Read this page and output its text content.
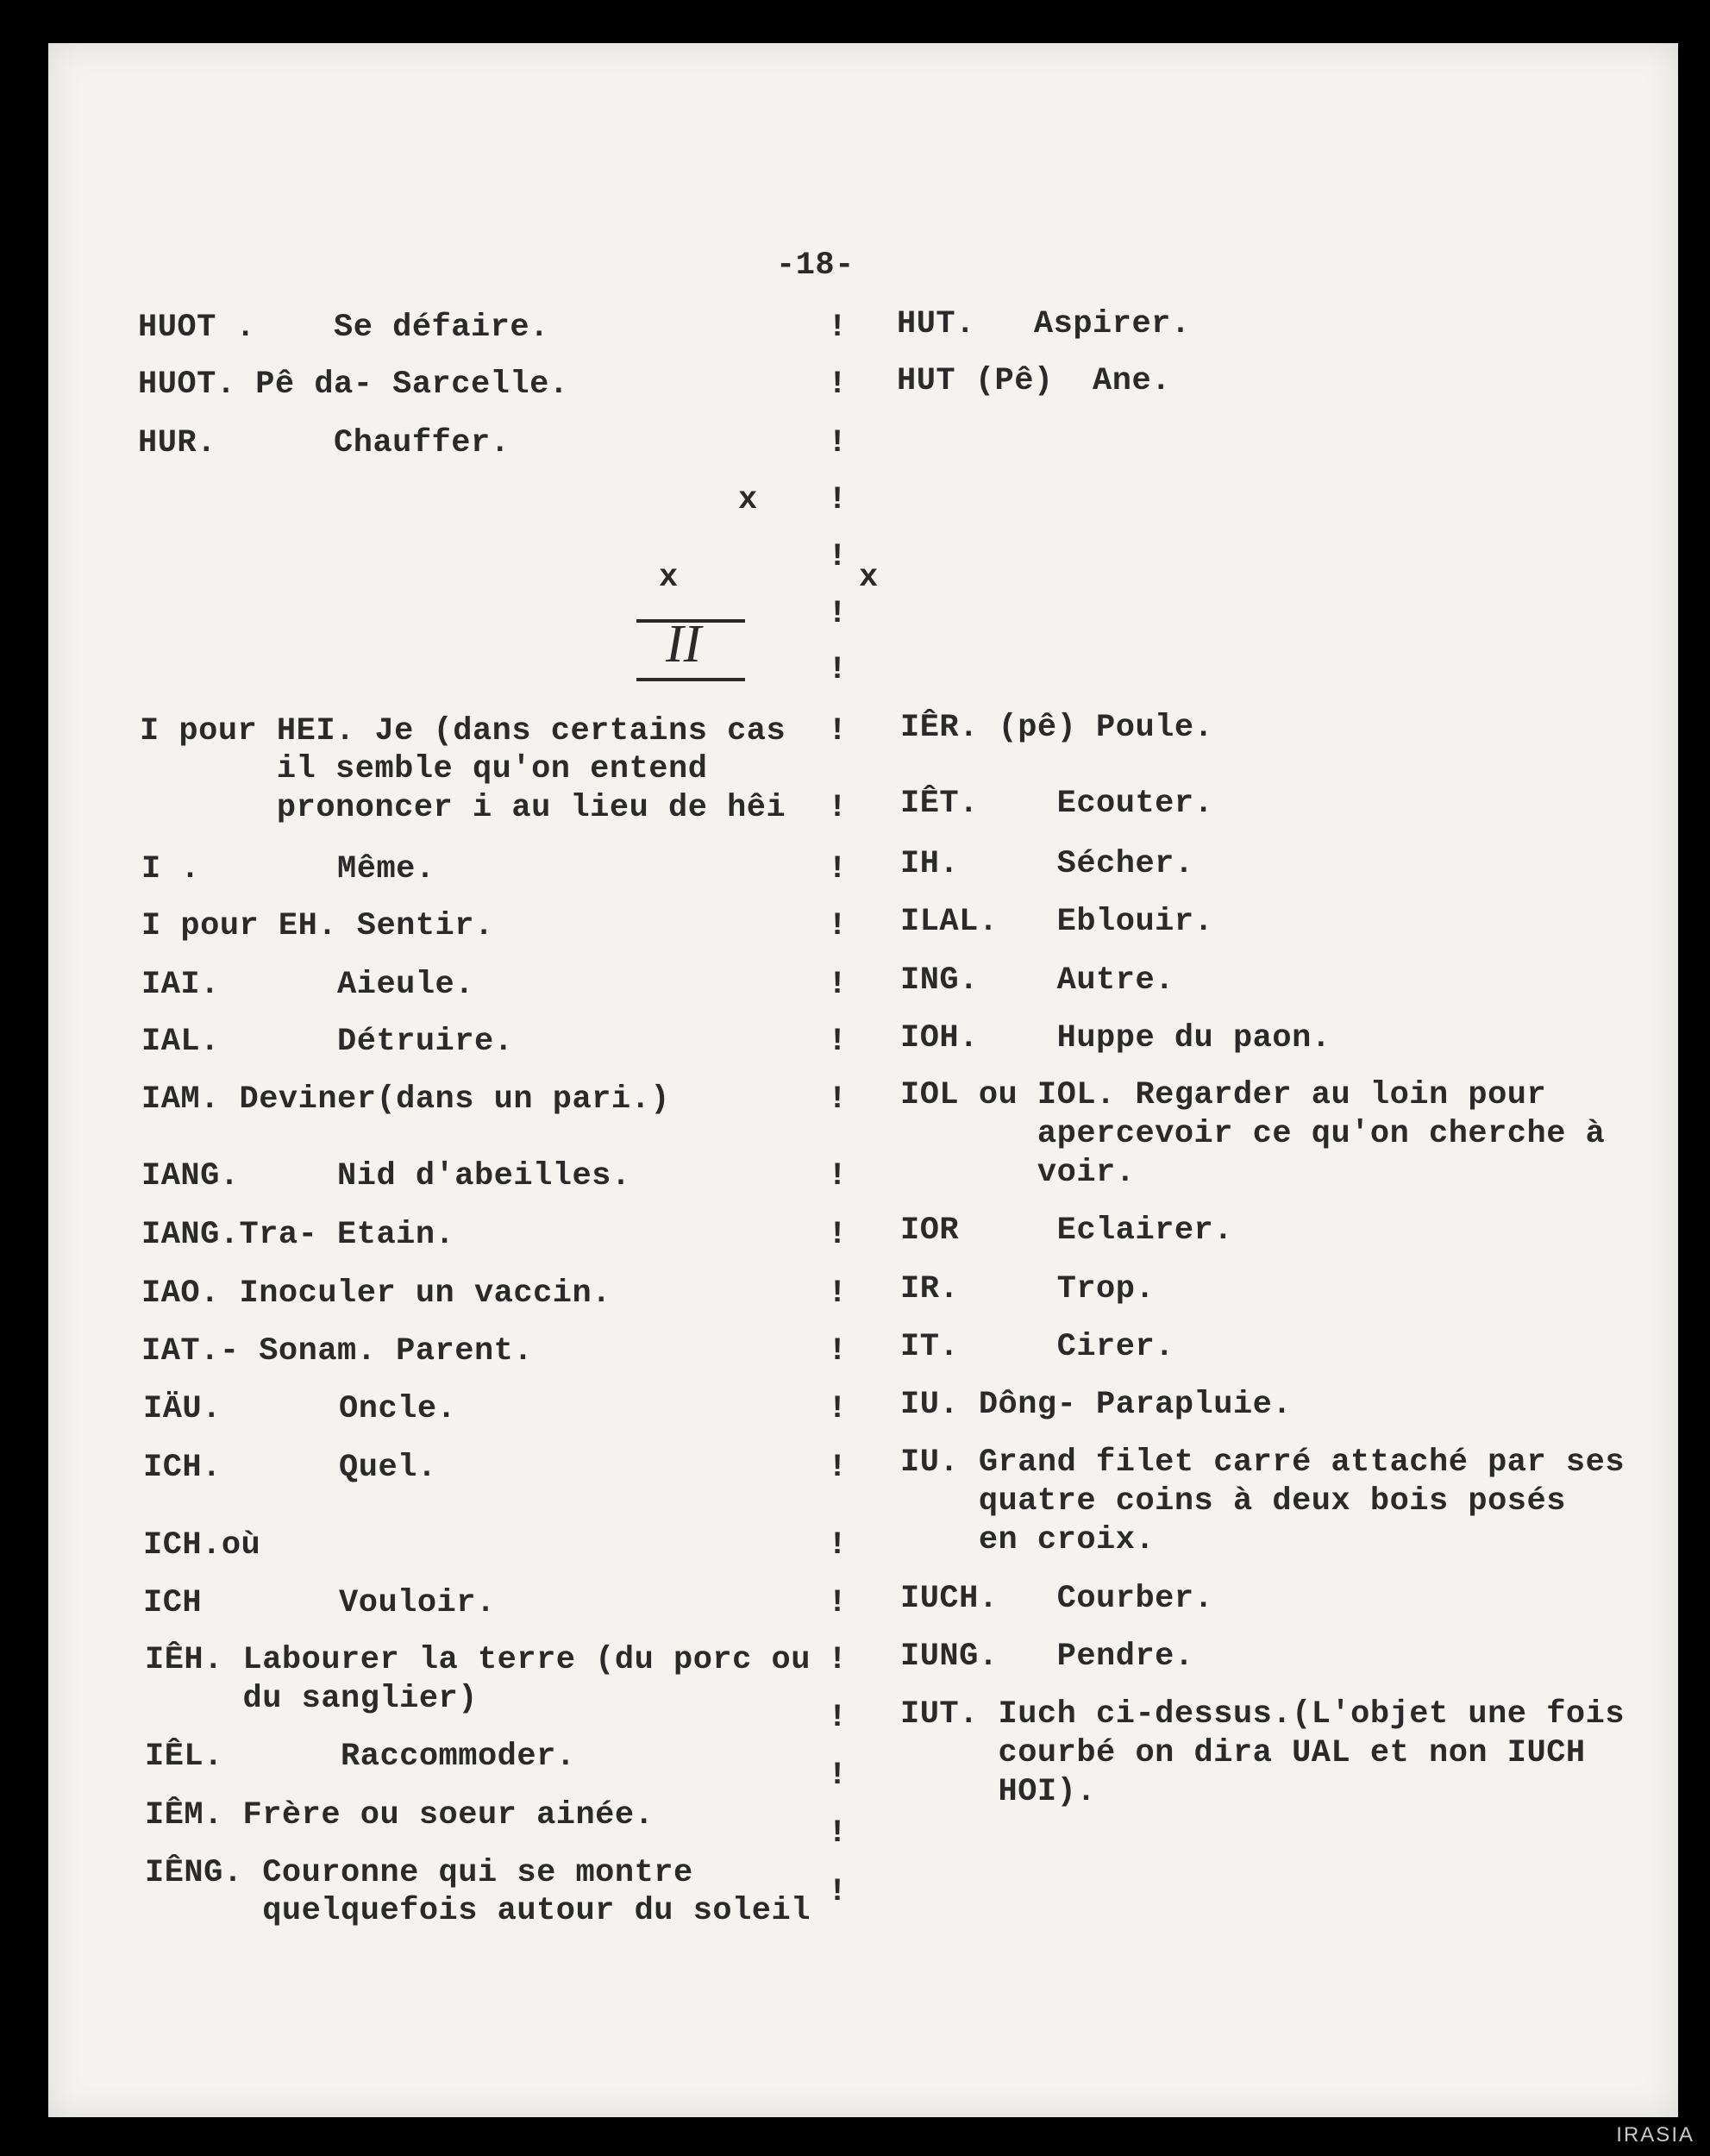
-18-
HUOT .    Se défaire.
HUOT. Pê da- Sarcelle.
HUR.      Chauffer.
I pour HEI. Je (dans certains cas
il semble qu'on entend
prononcer i au lieu de hêi
I .       Même.
I pour EH. Sentir.
IAI.      Aieule.
IAL.      Détruire.
IAM. Deviner(dans un pari.)
IANG.     Nid d'abeilles.
IANG.Tra- Etain.
IAO. Inoculer un vaccin.
IAT.- Sonam. Parent.
IÄU.      Oncle.
ICH.      Quel.
ICH.où
ICH       Vouloir.
IÊH. Labourer la terre (du porc ou
du sanglier)
IÊL.      Raccommoder.
IÊM. Frère ou soeur ainée.
IÊNG. Couronne qui se montre
quelquefois autour du soleil
x
x	x
II
!
!
!
!
!
!
!
!
!
!
!
!
!
!
!
!
!
!
!
!
!
!
!
!
!
!
!
HUT.   Aspirer.
HUT (Pê)  Ane.
IÊR. (pê) Poule.
IÊT.    Ecouter.
IH.     Sécher.
ILAL.   Eblouir.
ING.    Autre.
IOH.    Huppe du paon.
IOL ou IOL. Regarder au loin pour
apercevoir ce qu'on cherche à
voir.
IOR     Eclairer.
IR.     Trop.
IT.     Cirer.
IU. Dông- Parapluie.
IU. Grand filet carré attaché par ses
quatre coins à deux bois posés
en croix.
IUCH.   Courber.
IUNG.   Pendre.
IUT. Iuch ci-dessus.(L'objet une fois
courbé on dira UAL et non IUCH
HOI).
IRASIA
